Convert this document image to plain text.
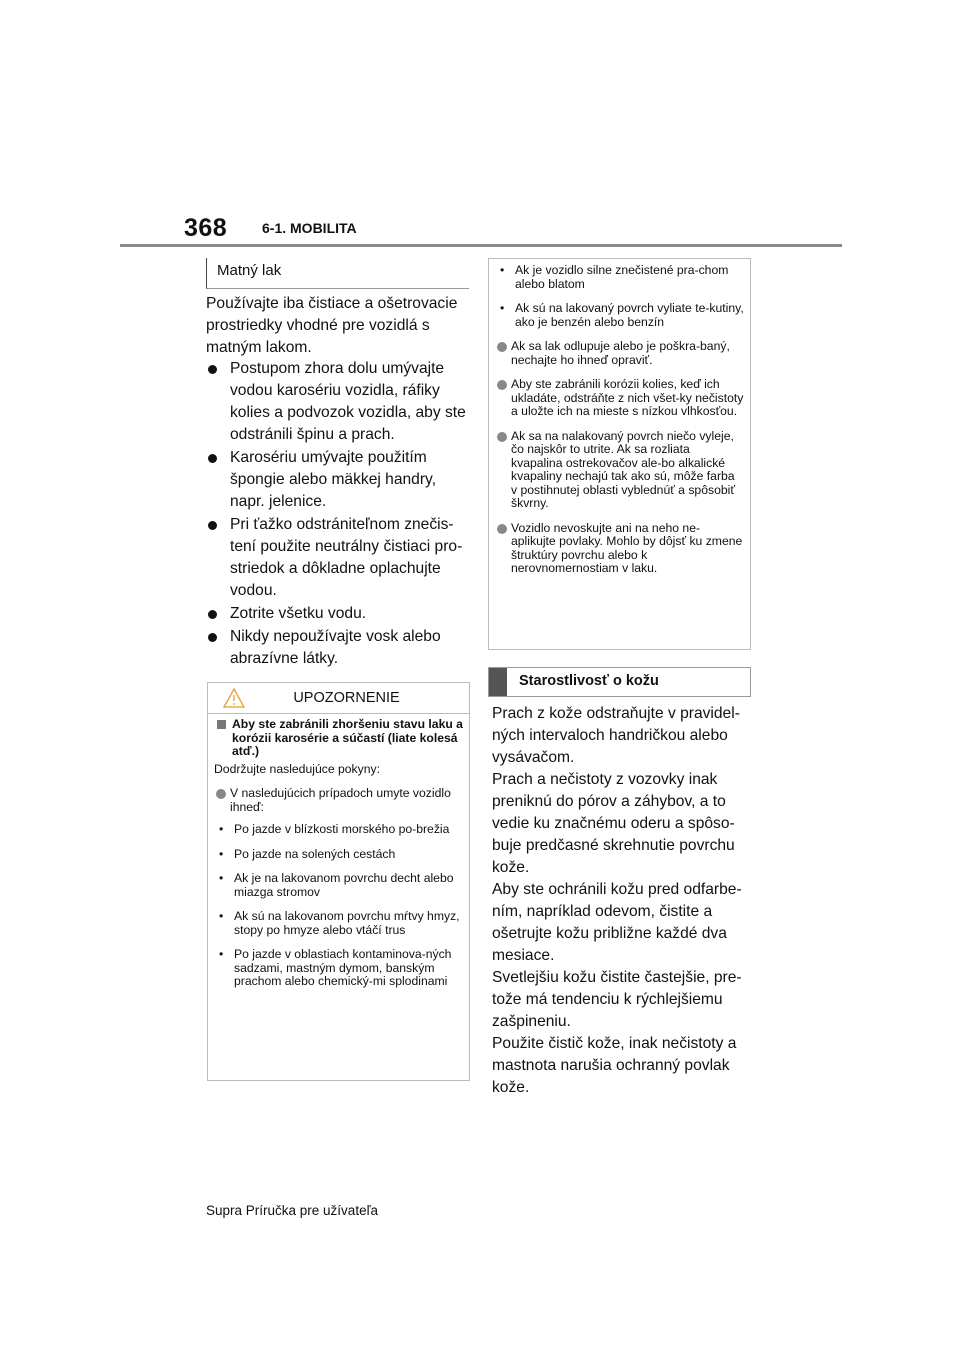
368 6-1. MOBILITA
Matný lak
Používajte iba čistiace a ošetrovacie prostriedky vhodné pre vozidlá s matným lakom.
Postupom zhora dolu umývajte vodou karosériu vozidla, ráfiky kolies a podvozok vozidla, aby ste odstránili špinu a prach.
Karosériu umývajte použitím špongie alebo mäkkej handry, napr. jelenice.
Pri ťažko odstrániteľnom znečis-tení použite neutrálny čistiaci pro-striedok a dôkladne oplachujte vodou.
Zotrite všetku vodu.
Nikdy nepoužívajte vosk alebo abrazívne látky.
UPOZORNENIE
Aby ste zabránili zhoršeniu stavu laku a korózii karosérie a súčastí (liate kolesá atď.)
Dodržujte nasledujúce pokyny:
V nasledujúcich prípadoch umyte vozidlo ihneď:
• Po jazde v blízkosti morského po-brežia
• Po jazde na solených cestách
• Ak je na lakovanom povrchu decht alebo miazga stromov
• Ak sú na lakovanom povrchu mŕtvy hmyz, stopy po hmyze alebo vtáčí trus
• Po jazde v oblastiach kontaminova-ných sadzami, mastným dymom, banským prachom alebo chemický-mi splodinami
• Ak je vozidlo silne znečistené pra-chom alebo blatom
• Ak sú na lakovaný povrch vyliate te-kutiny, ako je benzén alebo benzín
Ak sa lak odlupuje alebo je poškra-baný, nechajte ho ihneď opraviť.
Aby ste zabránili korózii kolies, keď ich ukladáte, odstráňte z nich všet-ky nečistoty a uložte ich na mieste s nízkou vlhkosťou.
Ak sa na nalakovaný povrch niečo vyleje, čo najskôr to utrite. Ak sa rozliata kvapalina ostrekovačov ale-bo alkalické kvapaliny nechajú tak ako sú, môže farba v postihnutej oblasti vyblednúť a spôsobiť škvrny.
Vozidlo nevoskujte ani na neho ne-aplikujte povlaky. Mohlo by dôjsť ku zmene štruktúry povrchu alebo k nerovnomernostiam v laku.
Starostlivosť o kožu

Prach z kože odstraňujte v pravidel-ných intervaloch handričkou alebo vysávačom.

Prach a nečistoty z vozovky inak preniknú do pórov a záhybov, a to vedie ku značnému oderu a spôso-buje predčasné skrehnutie povrchu kože.

Aby ste ochránili kožu pred odfarbe-ním, napríklad odevom, čistite a ošetrujte kožu približne každé dva mesiace.

Svetlejšiu kožu čistite častejšie, pre-tože má tendenciu k rýchlejšiemu zašpineniu.

Použite čistič kože, inak nečistoty a mastnota narušia ochranný povlak kože.

Supra Príručka pre užívateľa
